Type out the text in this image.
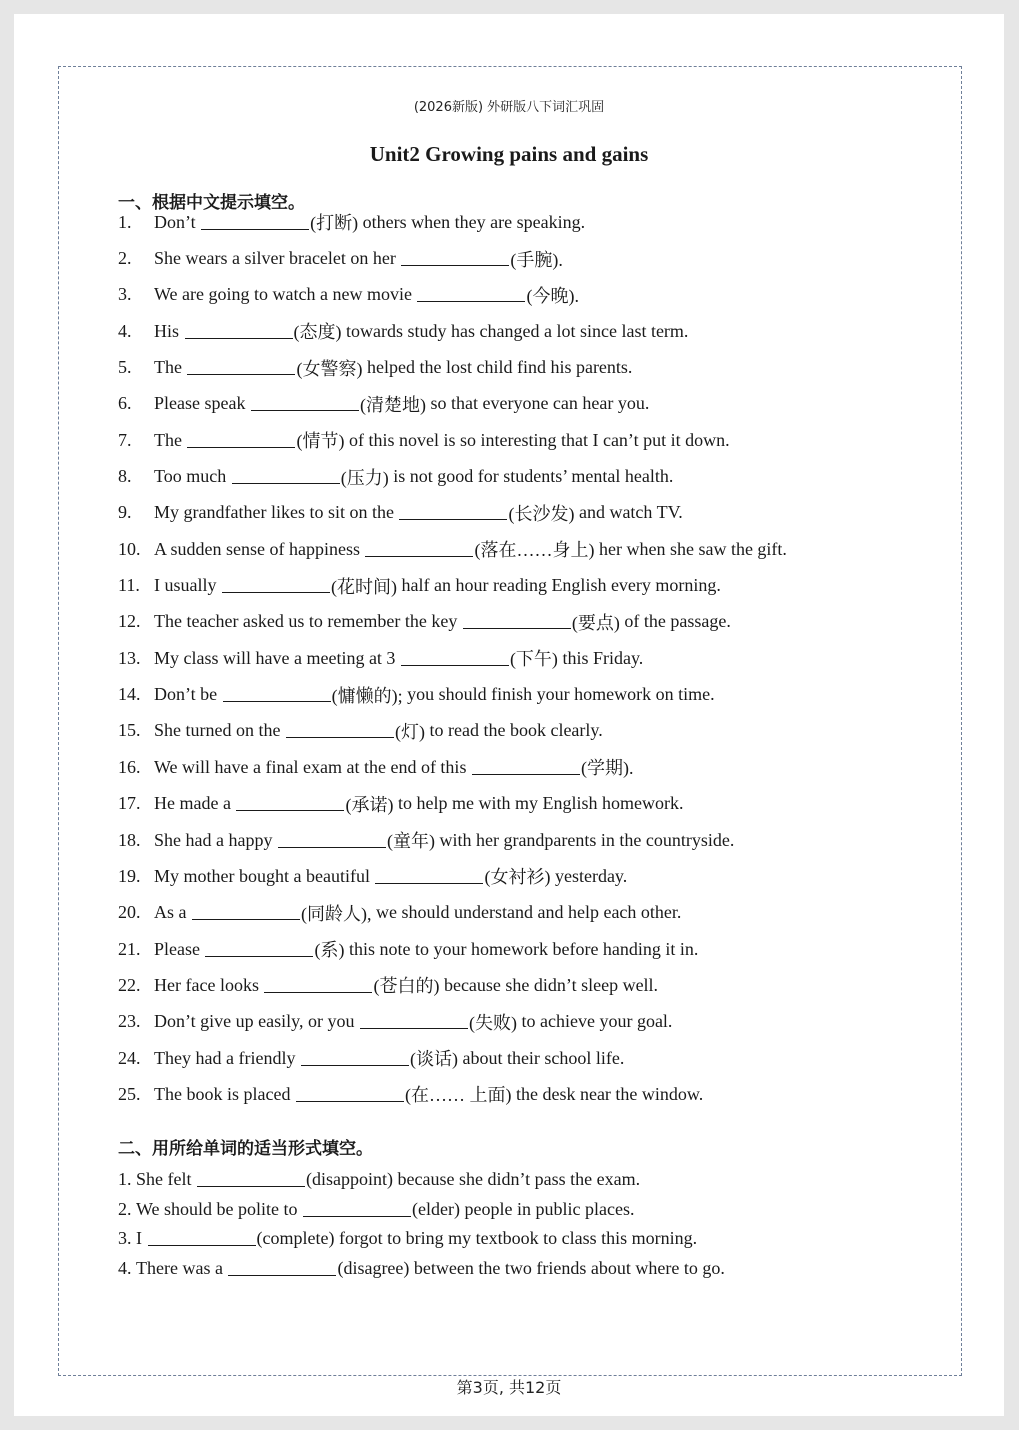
(2026新版) 外研版八下词汇巩固
Unit2 Growing pains and gains
一、根据中文提示填空。
1.	Don’t
	(打断)
others when they are speaking.
2.	She wears a silver bracelet on her
	(手腕).
3.	We are going to watch a new movie
	(今晚).
4.	His
	(态度)
towards study has changed a lot since last term.
5.	The
	(女警察)
helped the lost child find his parents.
6.	Please speak
	(清楚地)
so that everyone can hear you.
7.	The
	(情节)
of this novel is so interesting that I can’t put it down.
8.	Too much
	(压力)
is not good for students’ mental health.
9.	My grandfather likes to sit on the
	(长沙发)
and watch TV.
10. A sudden sense of happiness
	(落在……身上)
her when she saw the gift.
11. I usually
	(花时间)
half an hour reading English every morning.
12. The teacher asked us to remember the key
	(要点)
of the passage.
13. My class will have a meeting at 3
	(下午)
this Friday.
14. Don’t be
	(慵懒的);
you should finish your homework on time.
15. She turned on the
	(灯)
to read the book clearly.
16. We will have a final exam at the end of this
	(学期).
17. He made a
	(承诺)
to help me with my English homework.
18. She had a happy
	(童年)
with her grandparents in the countryside.
19. My mother bought a beautiful
	(女衬衫)
yesterday.
20. As a
	(同龄人),
we should understand and help each other.
21. Please
	(系)
this note to your homework before handing it in.
22. Her face looks
	(苍白的)
because she didn’t sleep well.
23. Don’t give up easily, or you
	(失败)
to achieve your goal.
24. They had a friendly
	(谈话)
about their school life.
25. The book is placed
	(在…… 上面)
the desk near the window.
二、用所给单词的适当形式填空。
1.
She felt
	(disappoint)
because she didn’t pass the exam.
2.
We should be polite to
	(elder)
people in public places.
3.
I
	(complete)
forgot to bring my textbook to class this morning.
4.
There was a
	(disagree)
between the two friends about where to go.
第3页, 共12页
